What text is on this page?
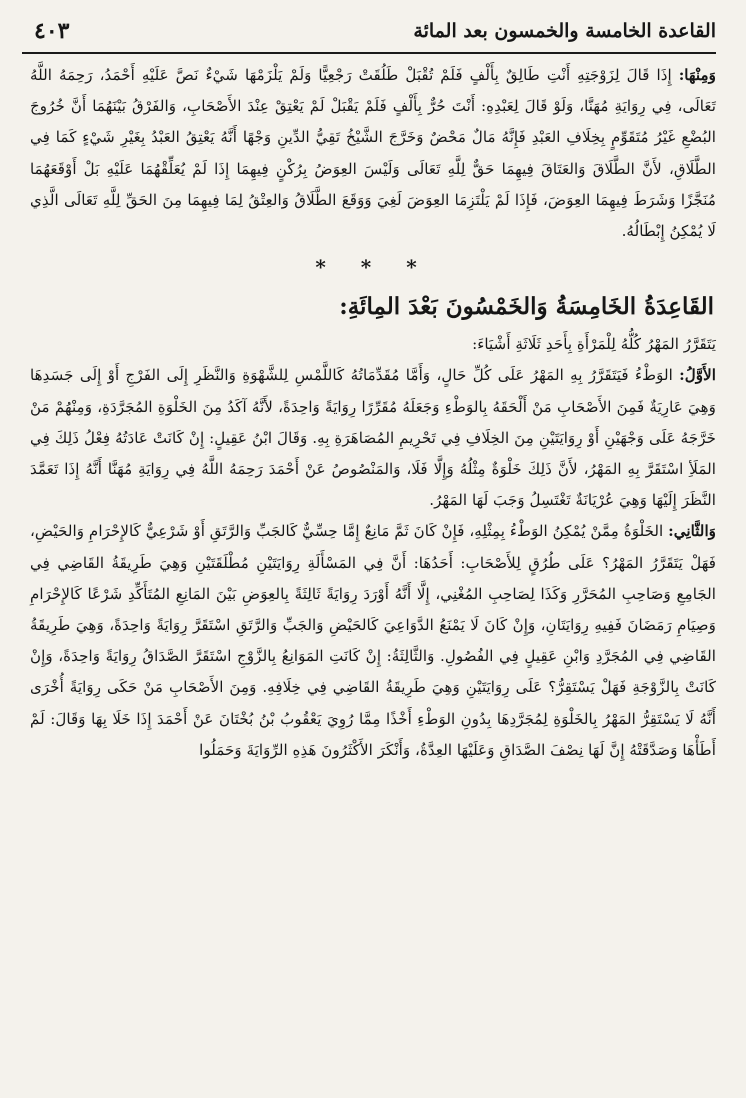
القاعدة الخامسة والخمسون بعد المائة
٤٠٣

وَمِنْهَا: إِذَا قَالَ لِزَوْجَتِهِ أَنْتِ طَالِقٌ بِأَلْفٍ فَلَمْ تُقْبَلْ طَلُقَتْ رَجْعِيًّا وَلَمْ يَلْزَمْهَا شَيْءٌ نَصَّ عَلَيْهِ أَحْمَدُ، رَحِمَهُ اللَّهُ تَعَالَى، فِي رِوَايَةِ مُهَنَّا، وَلَوْ قَالَ لِعَبْدِهِ: أَنْتَ حُرٌّ بِأَلْفٍ فَلَمْ يَقْبَلْ لَمْ يَعْتِقْ عِنْدَ الأَصْحَابِ، وَالفَرْقُ بَيْنَهُمَا أَنَّ خُرُوجَ البُضْعِ غَيْرُ مُتَقَوِّمٍ بِخِلَافِ العَبْدِ فَإِنَّهُ مَالٌ مَحْضٌ وَخَرَّجَ الشَّيْخُ تَقِيُّ الدِّينِ وَجْهًا أَنَّهُ يَعْتِقُ العَبْدُ بِغَيْرِ شَيْءٍ كَمَا فِي الطَّلَاقِ، لأَنَّ الطَّلَاقَ وَالعَتَاقَ فِيهِمَا حَقٌّ لِلَّهِ تَعَالَى وَلَيْسَ العِوَضُ بِرُكْنٍ فِيهِمَا إِذَا لَمْ يُعَلِّقْهُمَا عَلَيْهِ بَلْ أَوْقَعَهُمَا مُنَجَّزًا وَشَرَطَ فِيهِمَا العِوَضَ، فَإِذَا لَمْ يَلْتَزِمَا العِوَضَ لَغِيَ وَوَقَعَ الطَّلَاقُ وَالعِتْقُ لِمَا فِيهِمَا مِنَ الحَقِّ لِلَّهِ تَعَالَى الَّذِي لَا يُمْكِنُ إِبْطَالُهُ.

* * *
القَاعِدَةُ الخَامِسَةُ وَالخَمْسُونَ بَعْدَ المِائَةِ:

يَتَقَرَّرُ المَهْرُ كُلُّهُ لِلْمَرْأَةِ بِأَحَدِ ثَلَاثَةِ أَشْيَاءَ:

الأَوَّلُ: الوَطْءُ فَيَتَقَرَّرُ بِهِ المَهْرُ عَلَى كُلِّ حَالٍ، وَأَمَّا مُقَدِّمَاتُهُ كَاللَّمْسِ لِلشَّهْوَةِ وَالنَّظَرِ إِلَى الفَرْجِ أَوْ إِلَى جَسَدِهَا وَهِيَ عَارِيَةٌ فَمِنَ الأَصْحَابِ مَنْ أَلْحَقَهُ بِالوَطْءِ وَجَعَلَهُ مُقَرِّرًا رِوَايَةً وَاحِدَةً، لأَنَّهُ آكَدُ مِنَ الخَلْوَةِ المُجَرَّدَةِ، وَمِنْهُمْ مَنْ خَرَّجَهُ عَلَى وَجْهَيْنِ أَوْ رِوَايَتَيْنِ مِنَ الخِلَافِ فِي تَحْرِيمِ المُصَاهَرَةِ بِهِ. وَقَالَ ابْنُ عَقِيلٍ: إِنْ كَانَتْ عَادَتُهُ فِعْلُ ذَلِكَ فِي المَلَأِ اسْتَقَرَّ بِهِ المَهْرُ، لأَنَّ ذَلِكَ خَلْوَةٌ مِثْلُهُ وَإِلَّا فَلَا، وَالمَنْصُوصُ عَنْ أَحْمَدَ رَحِمَهُ اللَّهُ فِي رِوَايَةِ مُهَنَّا أَنَّهُ إِذَا تَعَمَّدَ النَّظَرَ إِلَيْهَا وَهِيَ عُرْيَانَةٌ تَغْتَسِلُ وَجَبَ لَهَا المَهْرُ.

وَالثَّانِي: الخَلْوَةُ مِمَّنْ يُمْكِنُ الوَطْءُ بِمِثْلِهِ، فَإِنْ كَانَ ثَمَّ مَانِعٌ إِمَّا حِسِّيٌّ كَالجَبِّ وَالرَّتَقِ أَوْ شَرْعِيٌّ كَالإِحْرَامِ وَالحَيْضِ، فَهَلْ يَتَقَرَّرُ المَهْرُ؟ عَلَى طُرُقٍ لِلأَصْحَابِ: أَحَدُهَا: أَنَّ فِي المَسْأَلَةِ رِوَايَتَيْنِ مُطْلَقَتَيْنِ وَهِيَ طَرِيقَةُ القَاضِي فِي الجَامِعِ وَصَاحِبِ المُحَرَّرِ وَكَذَا لِصَاحِبِ المُغْنِي، إِلَّا أَنَّهُ أَوْرَدَ رِوَايَةً ثَالِثَةً بِالعِوَضِ بَيْنَ المَانِعِ المُتَأَكِّدِ شَرْعًا كَالإِحْرَامِ وَصِيَامِ رَمَضَانَ فَفِيهِ رِوَايَتَانِ، وَإِنْ كَانَ لَا يَمْنَعُ الدَّوَاعِيَ كَالحَيْضِ وَالجَبِّ وَالرَّتَقِ اسْتَقَرَّ رِوَايَةً وَاحِدَةً، وَهِيَ طَرِيقَةُ القَاضِي فِي المُجَرَّدِ وَابْنِ عَقِيلٍ فِي الفُصُولِ. وَالثَّالِثَةُ: إِنْ كَانَتِ المَوَانِعُ بِالزَّوْجِ اسْتَقَرَّ الصَّدَاقُ رِوَايَةً وَاحِدَةً، وَإِنْ كَانَتْ بِالزَّوْجَةِ فَهَلْ يَسْتَقِرُّ؟ عَلَى رِوَايَتَيْنِ وَهِيَ طَرِيقَةُ القَاضِي فِي خِلَافِهِ. وَمِنَ الأَصْحَابِ مَنْ حَكَى رِوَايَةً أُخْرَى أَنَّهُ لَا يَسْتَقِرُّ المَهْرُ بِالخَلْوَةِ لِمُجَرَّدِهَا بِدُونِ الوَطْءِ أَخْذًا مِمَّا رُوِيَ يَعْقُوبُ بْنُ بُخْتَانَ عَنْ أَحْمَدَ إِذَا خَلَا بِهَا وَقَالَ: لَمْ أَطَأْهَا وَصَدَّقَتْهُ إِنَّ لَهَا نِصْفَ الصَّدَاقِ وَعَلَيْهَا العِدَّةُ، وَأَنْكَرَ الأَكْثَرُونَ هَذِهِ الرِّوَايَةَ وَحَمَلُوا
